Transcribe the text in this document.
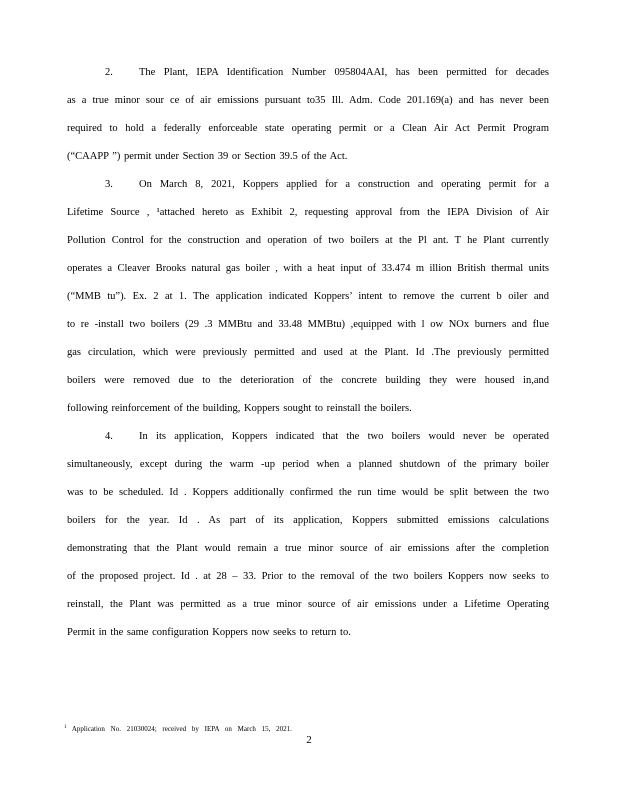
2. The Plant, IEPA Identification Number 095804AAI, has been permitted for decades
as a true minor sour ce of air emissions pursuant to35 Ill. Adm. Code 201.169(a) and has never been
required to hold a federally enforceable state operating permit or a Clean Air Act Permit Program
(“CAAPP ”) permit under Section 39 or Section 39.5 of the Act.
3. On March 8, 2021, Koppers applied for a construction and operating permit for a
Lifetime Source , ¹attached hereto as Exhibit 2, requesting approval from the IEPA Division of Air
Pollution Control for the construction and operation of two boilers at the Pl ant. T he Plant currently
operates a Cleaver Brooks natural gas boiler , with a heat input of 33.474 m illion British thermal units
(“MMB tu”). Ex. 2 at 1. The application indicated Koppers’ intent to remove the current b oiler and
to re -install two boilers (29 .3 MMBtu and 33.48 MMBtu) ,equipped with l ow NOx burners and flue
gas circulation, which were previously permitted and used at the Plant. Id .The previously permitted
boilers were removed due to the deterioration of the concrete building they were housed in,and
following reinforcement of the building, Koppers sought to reinstall the boilers.
4. In its application, Koppers indicated that the two boilers would never be operated
simultaneously, except during the warm -up period when a planned shutdown of the primary boiler
was to be scheduled. Id . Koppers additionally confirmed the run time would be split between the two
boilers for the year. Id . As part of its application, Koppers submitted emissions calculations
demonstrating that the Plant would remain a true minor source of air emissions after the completion
of the proposed project. Id . at 28 – 33. Prior to the removal of the two boilers Koppers now seeks to
reinstall, the Plant was permitted as a true minor source of air emissions under a Lifetime Operating
Permit in the same configuration Koppers now seeks to return to.
$^1$ Application No. 21030024; received by IEPA on March 15, 2021.
2
